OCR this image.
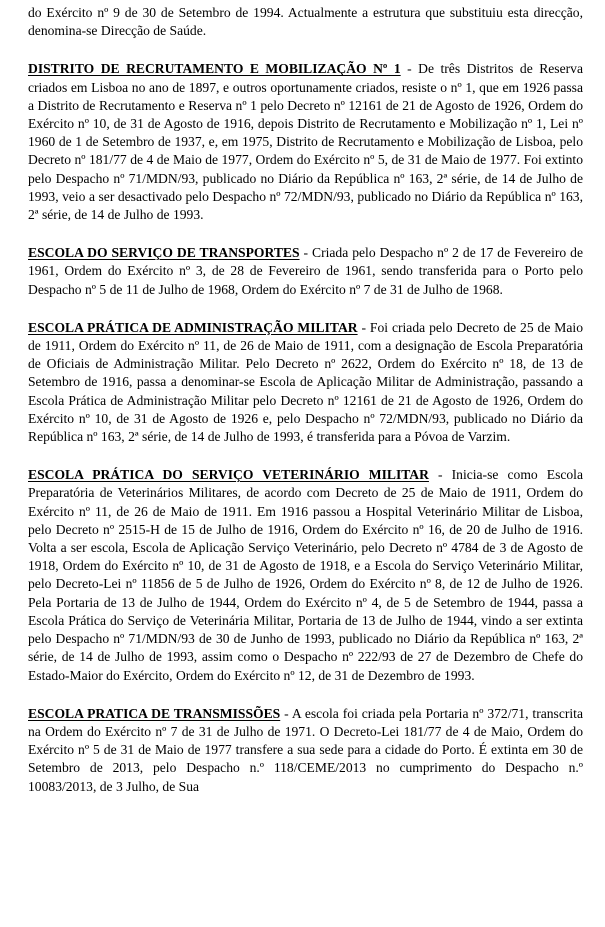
do Exército nº 9 de 30 de Setembro de 1994. Actualmente a estrutura que substituiu esta direcção, denomina-se Direcção de Saúde.

DISTRITO DE RECRUTAMENTO E MOBILIZAÇÃO Nº 1 - De três Distritos de Reserva criados em Lisboa no ano de 1897, e outros oportunamente criados, resiste o nº 1, que em 1926 passa a Distrito de Recrutamento e Reserva nº 1 pelo Decreto nº 12161 de 21 de Agosto de 1926, Ordem do Exército nº 10, de 31 de Agosto de 1916, depois Distrito de Recrutamento e Mobilização nº 1, Lei nº 1960 de 1 de Setembro de 1937, e, em 1975, Distrito de Recrutamento e Mobilização de Lisboa, pelo Decreto nº 181/77 de 4 de Maio de 1977, Ordem do Exército nº 5, de 31 de Maio de 1977. Foi extinto pelo Despacho nº 71/MDN/93, publicado no Diário da República nº 163, 2ª série, de 14 de Julho de 1993, veio a ser desactivado pelo Despacho nº 72/MDN/93, publicado no Diário da República nº 163, 2ª série, de 14 de Julho de 1993.

ESCOLA DO SERVIÇO DE TRANSPORTES - Criada pelo Despacho nº 2 de 17 de Fevereiro de 1961, Ordem do Exército nº 3, de 28 de Fevereiro de 1961, sendo transferida para o Porto pelo Despacho nº 5 de 11 de Julho de 1968, Ordem do Exército nº 7 de 31 de Julho de 1968.

ESCOLA PRÁTICA DE ADMINISTRAÇÃO MILITAR - Foi criada pelo Decreto de 25 de Maio de 1911, Ordem do Exército nº 11, de 26 de Maio de 1911, com a designação de Escola Preparatória de Oficiais de Administração Militar. Pelo Decreto nº 2622, Ordem do Exército nº 18, de 13 de Setembro de 1916, passa a denominar-se Escola de Aplicação Militar de Administração, passando a Escola Prática de Administração Militar pelo Decreto nº 12161 de 21 de Agosto de 1926, Ordem do Exército nº 10, de 31 de Agosto de 1926 e, pelo Despacho nº 72/MDN/93, publicado no Diário da República nº 163, 2ª série, de 14 de Julho de 1993, é transferida para a Póvoa de Varzim.

ESCOLA PRÁTICA DO SERVIÇO VETERINÁRIO MILITAR - Inicia-se como Escola Preparatória de Veterinários Militares, de acordo com Decreto de 25 de Maio de 1911, Ordem do Exército nº 11, de 26 de Maio de 1911. Em 1916 passou a Hospital Veterinário Militar de Lisboa, pelo Decreto nº 2515-H de 15 de Julho de 1916, Ordem do Exército nº 16, de 20 de Julho de 1916. Volta a ser escola, Escola de Aplicação Serviço Veterinário, pelo Decreto nº 4784 de 3 de Agosto de 1918, Ordem do Exército nº 10, de 31 de Agosto de 1918, e a Escola do Serviço Veterinário Militar, pelo Decreto-Lei nº 11856 de 5 de Julho de 1926, Ordem do Exército nº 8, de 12 de Julho de 1926. Pela Portaria de 13 de Julho de 1944, Ordem do Exército nº 4, de 5 de Setembro de 1944, passa a Escola Prática do Serviço de Veterinária Militar, Portaria de 13 de Julho de 1944, vindo a ser extinta pelo Despacho nº 71/MDN/93 de 30 de Junho de 1993, publicado no Diário da República nº 163, 2ª série, de 14 de Julho de 1993, assim como o Despacho nº 222/93 de 27 de Dezembro de Chefe do Estado-Maior do Exército, Ordem do Exército nº 12, de 31 de Dezembro de 1993.

ESCOLA PRATICA DE TRANSMISSÕES - A escola foi criada pela Portaria nº 372/71, transcrita na Ordem do Exército nº 7 de 31 de Julho de 1971. O Decreto-Lei 181/77 de 4 de Maio, Ordem do Exército nº 5 de 31 de Maio de 1977 transfere a sua sede para a cidade do Porto. É extinta em 30 de Setembro de 2013, pelo Despacho n.º 118/CEME/2013 no cumprimento do Despacho n.º 10083/2013, de 3 Julho, de Sua
